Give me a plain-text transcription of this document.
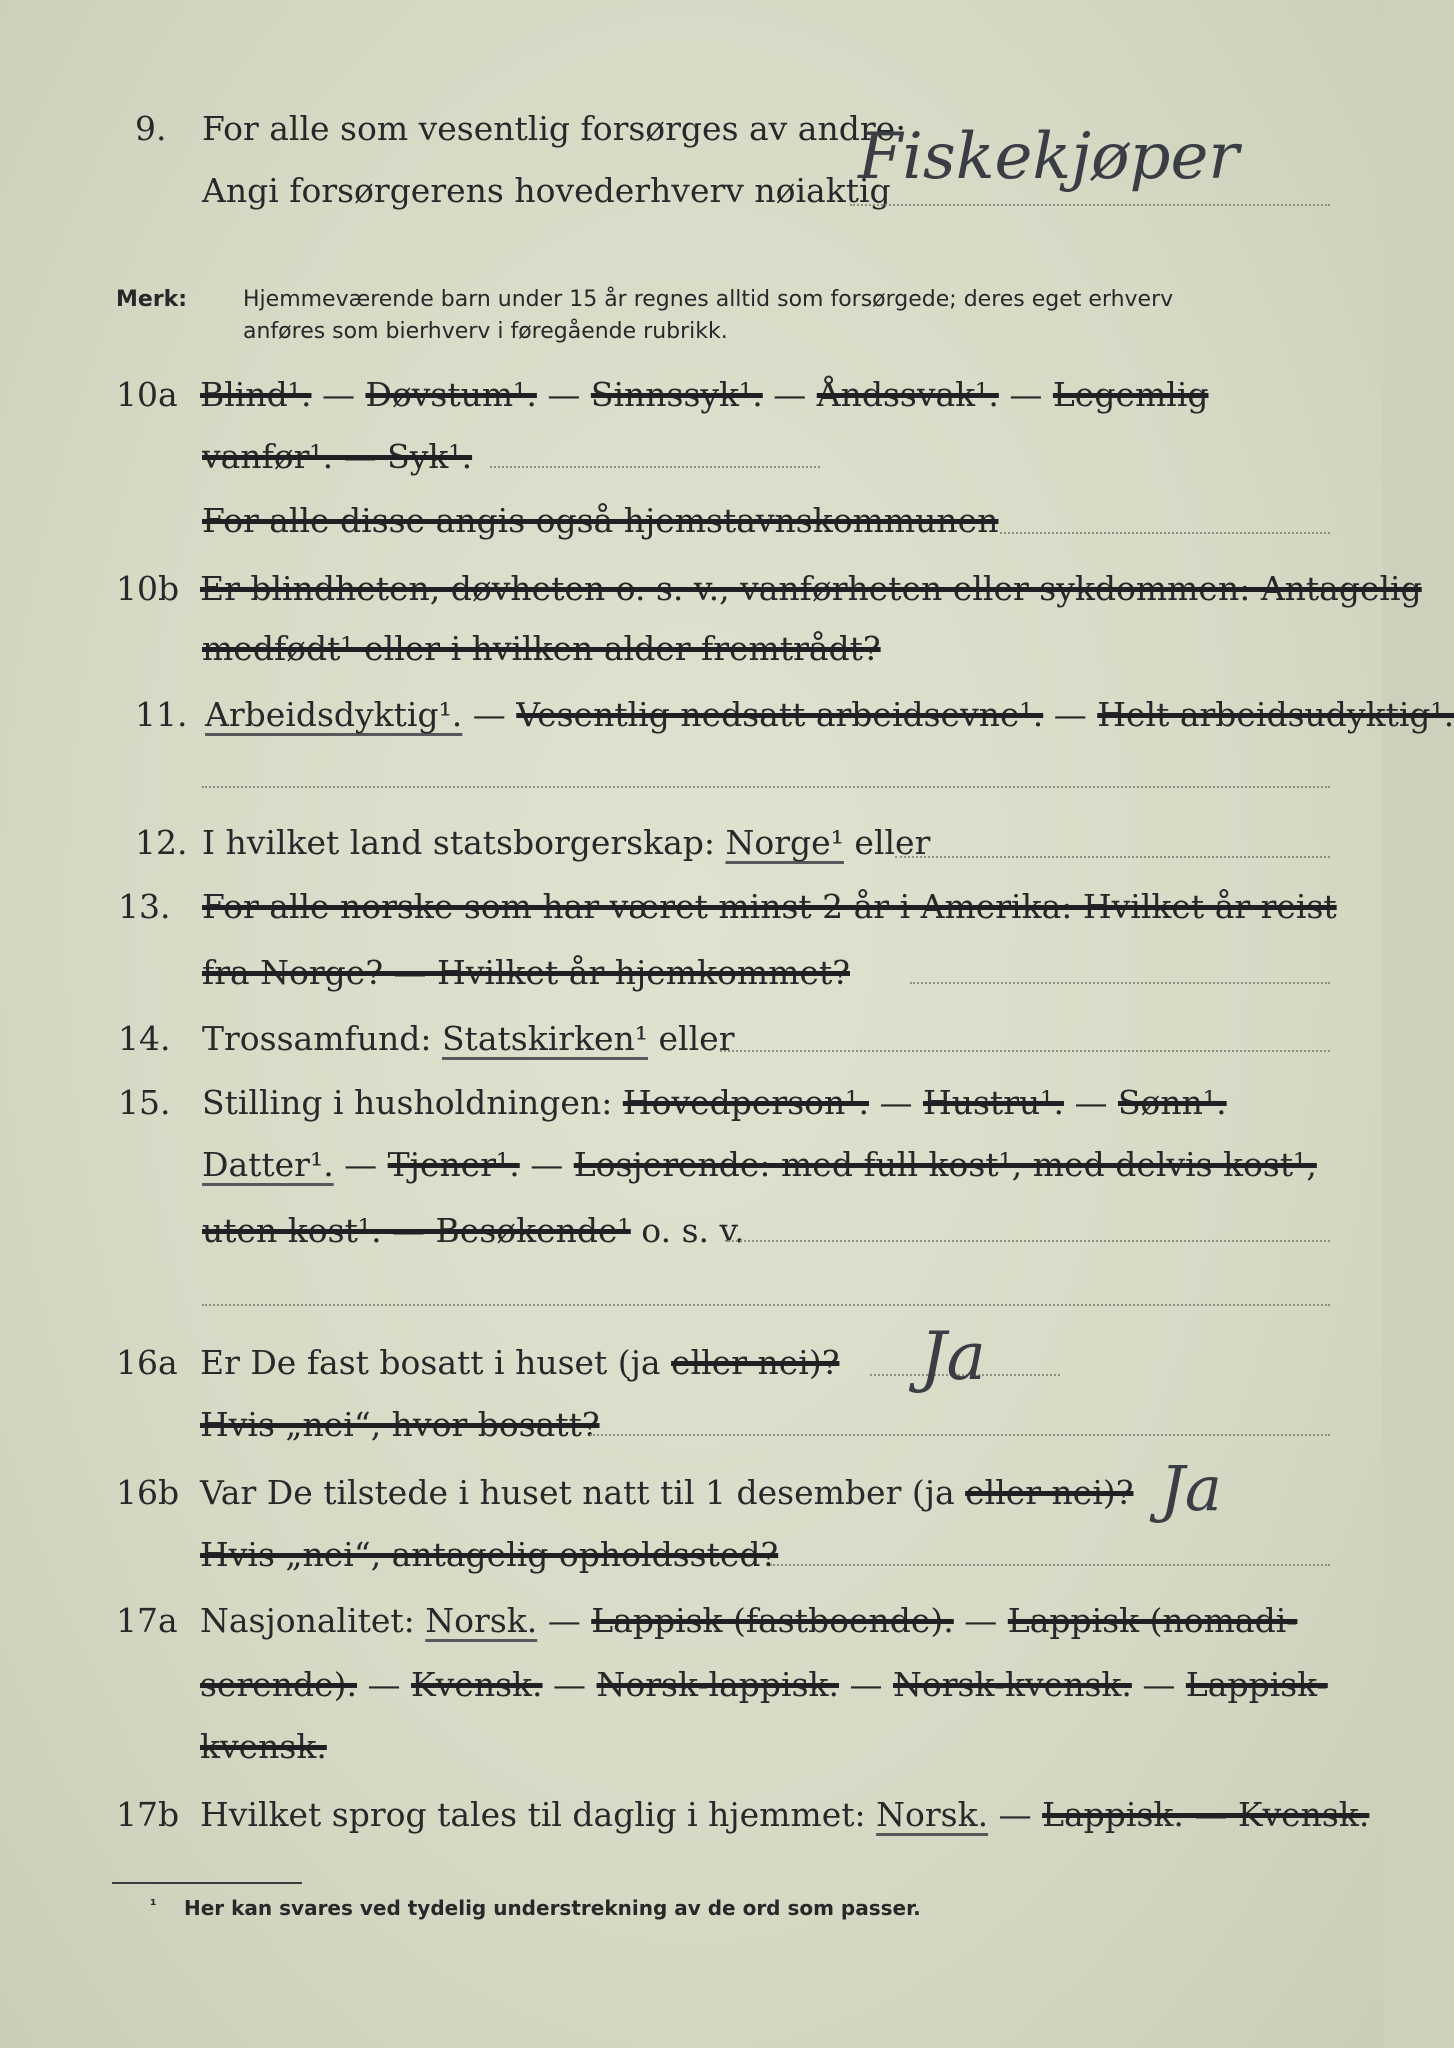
9. For alle som vesentlig forsørges av andre:
Angi forsørgerens hovederhverv nøiaktig
Fiskekjøper
Merk:	Hjemmeværende barn under 15 år regnes alltid som forsørgede; deres eget erhverv
anføres som bierhverv i føregående rubrikk.
10a Blind¹. — Døvstum¹. — Sinnssyk¹. — Åndssvak¹. — Legemlig
vanfør¹. — Syk¹.
For alle disse angis også hjemstavnskommunen
10b Er blindheten, døvheten o. s. v., vanførheten eller sykdommen: Antagelig
medfødt¹ eller i hvilken alder fremtrådt?
11. Arbeidsdyktig¹. — Vesentlig nedsatt arbeidsevne¹. — Helt arbeidsudyktig¹.
12. I hvilket land statsborgerskap: Norge¹ eller
13. For alle norske som har været minst 2 år i Amerika: Hvilket år reist
fra Norge? — Hvilket år hjemkommet?
14. Trossamfund: Statskirken¹ eller
15. Stilling i husholdningen: Hovedperson¹. — Hustru¹. — Sønn¹.
Datter¹. — Tjener¹. — Losjerende: med full kost¹, med delvis kost¹,
uten kost¹. — Besøkende¹ o. s. v.
16a Er De fast bosatt i huset (ja eller nei)? Ja
Hvis „nei“, hvor bosatt?
16b Var De tilstede i huset natt til 1 desember (ja eller nei)? Ja
Hvis „nei“, antagelig opholdssted?
17a Nasjonalitet: Norsk. — Lappisk (fastboende). — Lappisk (nomadi-
serende). — Kvensk. — Norsk-lappisk. — Norsk-kvensk. — Lappisk-
kvensk.
17b Hvilket sprog tales til daglig i hjemmet: Norsk. — Lappisk. — Kvensk.
¹ Her kan svares ved tydelig understrekning av de ord som passer.
